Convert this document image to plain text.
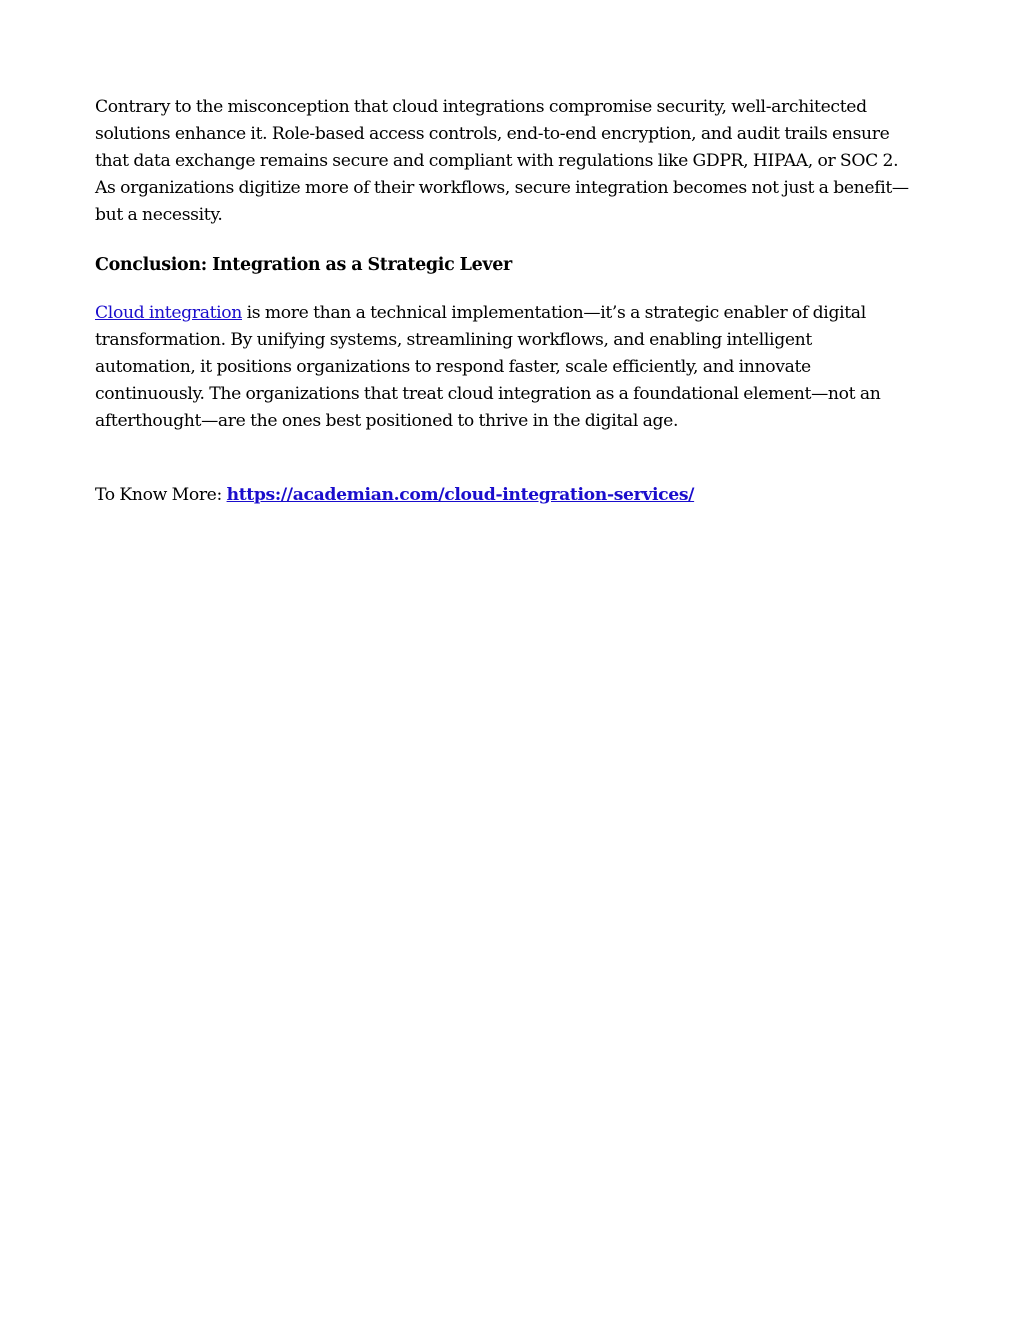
Contrary to the misconception that cloud integrations compromise security, well-architected solutions enhance it. Role-based access controls, end-to-end encryption, and audit trails ensure that data exchange remains secure and compliant with regulations like GDPR, HIPAA, or SOC 2. As organizations digitize more of their workflows, secure integration becomes not just a benefit—but a necessity.

Conclusion: Integration as a Strategic Lever

Cloud integration is more than a technical implementation—it’s a strategic enabler of digital transformation. By unifying systems, streamlining workflows, and enabling intelligent automation, it positions organizations to respond faster, scale efficiently, and innovate continuously. The organizations that treat cloud integration as a foundational element—not an afterthought—are the ones best positioned to thrive in the digital age.

To Know More: https://academian.com/cloud-integration-services/
